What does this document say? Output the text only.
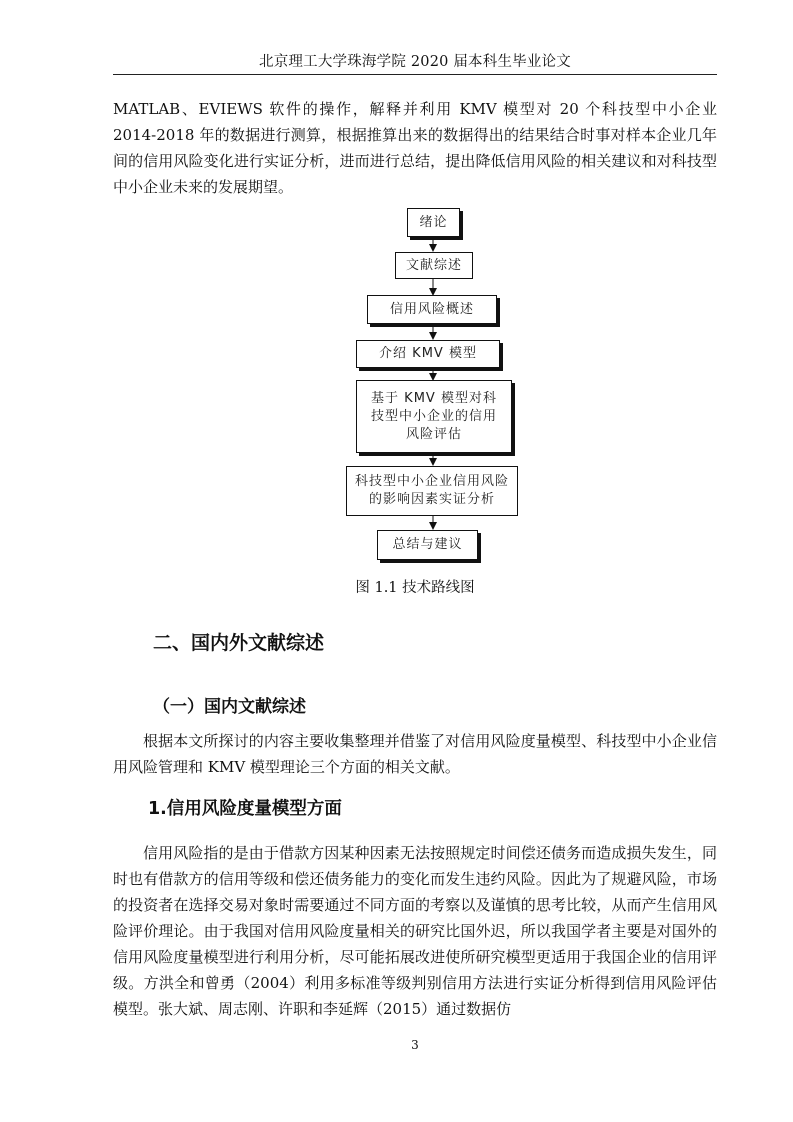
北京理工大学珠海学院 2020 届本科生毕业论文
MATLAB、EVIEWS 软件的操作，解释并利用 KMV 模型对 20 个科技型中小企业 2014-2018 年的数据进行测算，根据推算出来的数据得出的结果结合时事对样本企业几年间的信用风险变化进行实证分析，进而进行总结，提出降低信用风险的相关建议和对科技型中小企业未来的发展期望。
绪论
文献综述
信用风险概述
介绍 KMV 模型
基于 KMV 模型对科技型中小企业的信用风险评估
科技型中小企业信用风险的影响因素实证分析
总结与建议
图 1.1 技术路线图
二、国内外文献综述
（一）国内文献综述
根据本文所探讨的内容主要收集整理并借鉴了对信用风险度量模型、科技型中小企业信用风险管理和 KMV 模型理论三个方面的相关文献。
1.信用风险度量模型方面
信用风险指的是由于借款方因某种因素无法按照规定时间偿还债务而造成损失发生，同时也有借款方的信用等级和偿还债务能力的变化而发生违约风险。因此为了规避风险，市场的投资者在选择交易对象时需要通过不同方面的考察以及谨慎的思考比较，从而产生信用风险评价理论。由于我国对信用风险度量相关的研究比国外迟，所以我国学者主要是对国外的信用风险度量模型进行利用分析，尽可能拓展改进使所研究模型更适用于我国企业的信用评级。方洪全和曾勇（2004）利用多标准等级判别信用方法进行实证分析得到信用风险评估模型。张大斌、周志刚、许职和李延辉（2015）通过数据仿
3
